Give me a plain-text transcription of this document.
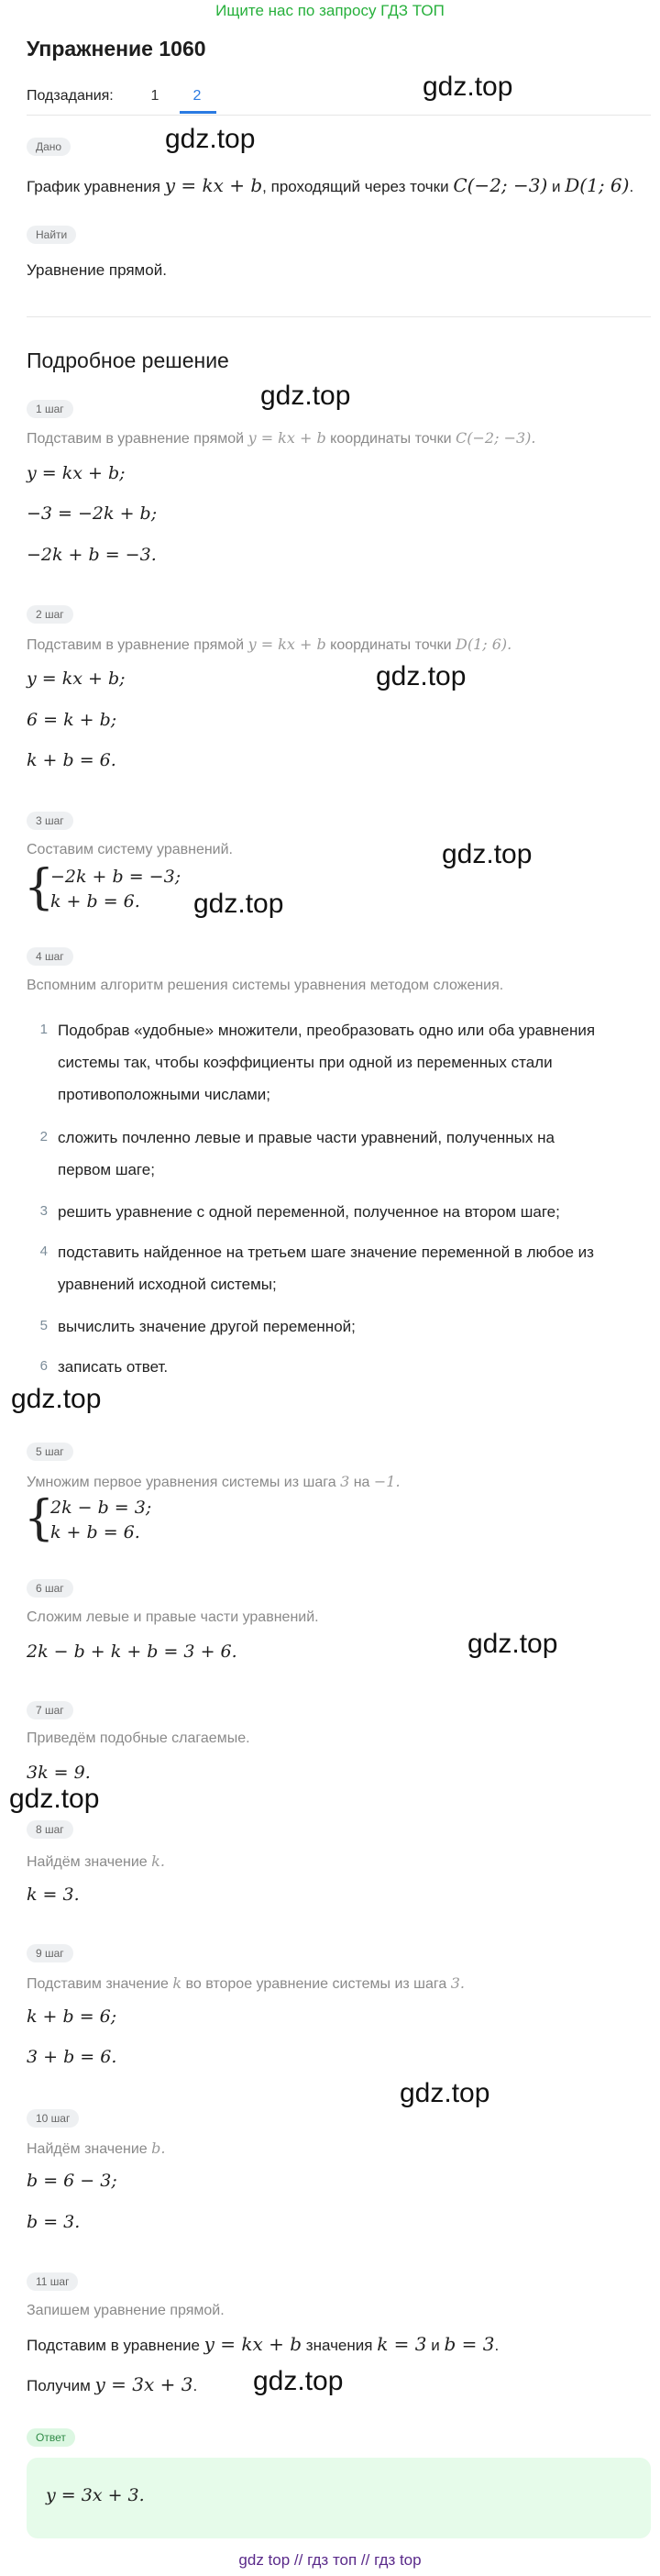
Ищите нас по запросу ГДЗ ТОП
Упражнение 1060
Подзадания:	1	2	gdz.top
gdz.top
gdz.top
gdz.top
gdz.top
gdz.top
gdz.top
gdz.top
gdz.top
gdz.top
gdz.top
Дано
График уравнения y = kx + b, проходящий через точки C(−2; −3) и D(1; 6).
Найти
Уравнение прямой.
Подробное решение
1 шаг
Подставим в уравнение прямой y = kx + b координаты точки C(−2; −3).
y = kx + b;
−3 = −2k + b;
−2k + b = −3.
2 шаг
Подставим в уравнение прямой y = kx + b координаты точки D(1; 6).
y = kx + b;
6 = k + b;
k + b = 6.
3 шаг
Составим систему уравнений.
{
−2k + b = −3;
k + b = 6.
4 шаг
Вспомним алгоритм решения системы уравнения методом сложения.
1 Подобрав «удобные» множители, преобразовать одно или оба уравнения
системы так, чтобы коэффициенты при одной из переменных стали
противоположными числами;
2 сложить почленно левые и правые части уравнений, полученных на
первом шаге;
3 решить уравнение с одной переменной, полученное на втором шаге;
4 подставить найденное на третьем шаге значение переменной в любое из
уравнений исходной системы;
5 вычислить значение другой переменной;
6 записать ответ.
5 шаг
Умножим первое уравнения системы из шага 3 на −1.
{
2k − b = 3;
k + b = 6.
6 шаг
Сложим левые и правые части уравнений.
2k − b + k + b = 3 + 6.
7 шаг
Приведём подобные слагаемые.
3k = 9.
8 шаг
Найдём значение k.
k = 3.
9 шаг
Подставим значение k во второе уравнение системы из шага 3.
k + b = 6;
3 + b = 6.
10 шаг
Найдём значение b.
b = 6 − 3;
b = 3.
11 шаг
Запишем уравнение прямой.
Подставим в уравнение y = kx + b значения k = 3 и b = 3.
Получим y = 3x + 3.
Ответ
y = 3x + 3.
gdz top // гдз топ // гдз top
